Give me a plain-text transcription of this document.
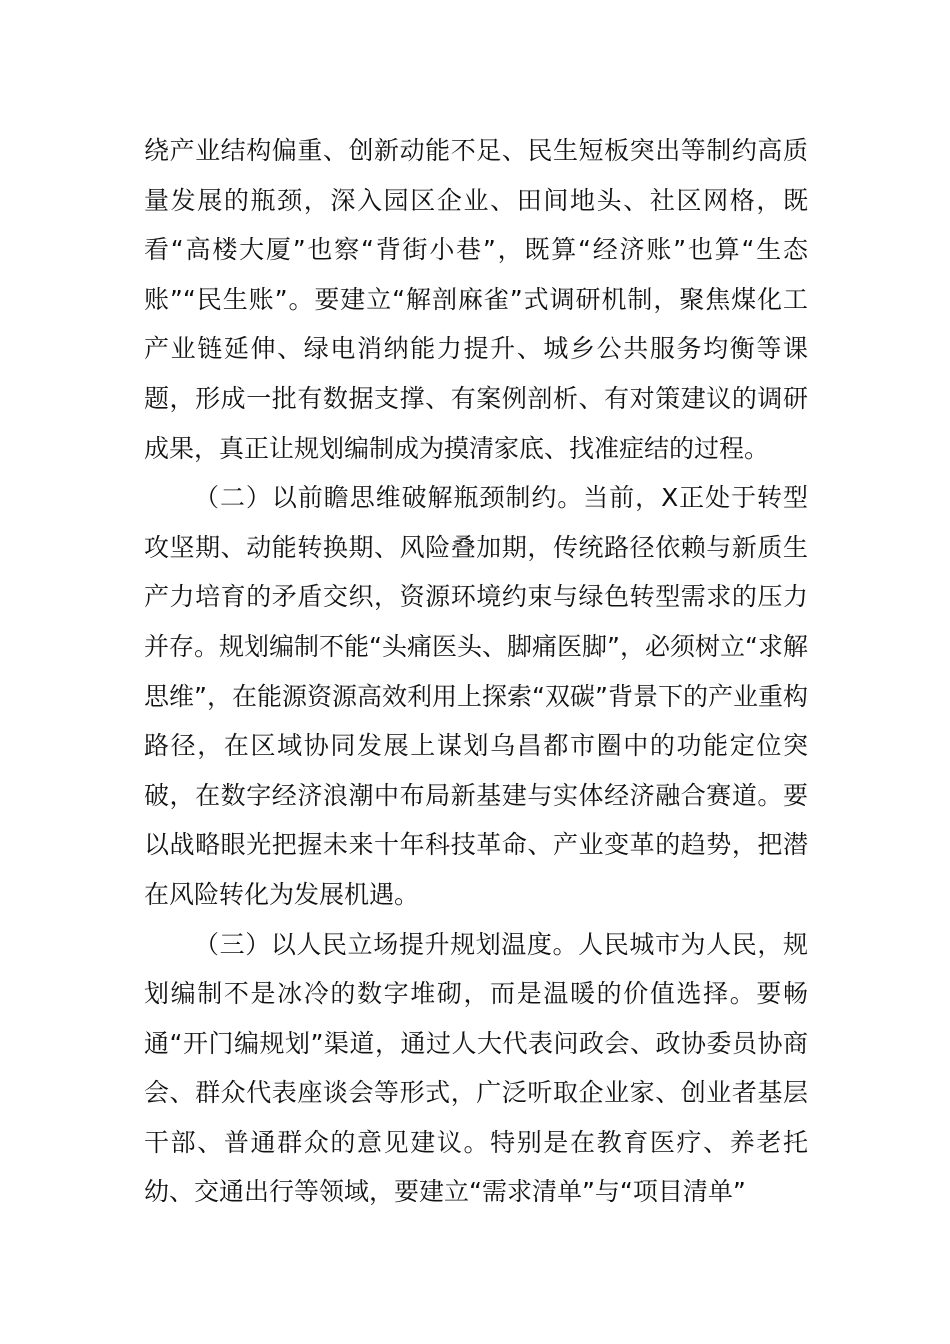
绕产业结构偏重、创新动能不足、民生短板突出等制约高质量发展的瓶颈，深入园区企业、田间地头、社区网格，既看“高楼大厦”也察“背街小巷”，既算“经济账”也算“生态账”“民生账”。要建立“解剖麻雀”式调研机制，聚焦煤化工产业链延伸、绿电消纳能力提升、城乡公共服务均衡等课题，形成一批有数据支撑、有案例剖析、有对策建议的调研成果，真正让规划编制成为摸清家底、找准症结的过程。

（二）以前瞻思维破解瓶颈制约。当前，X正处于转型攻坚期、动能转换期、风险叠加期，传统路径依赖与新质生产力培育的矛盾交织，资源环境约束与绿色转型需求的压力并存。规划编制不能“头痛医头、脚痛医脚”，必须树立“求解思维”，在能源资源高效利用上探索“双碳”背景下的产业重构路径，在区域协同发展上谋划乌昌都市圈中的功能定位突破，在数字经济浪潮中布局新基建与实体经济融合赛道。要以战略眼光把握未来十年科技革命、产业变革的趋势，把潜在风险转化为发展机遇。

（三）以人民立场提升规划温度。人民城市为人民，规划编制不是冰冷的数字堆砌，而是温暖的价值选择。要畅通“开门编规划”渠道，通过人大代表问政会、政协委员协商会、群众代表座谈会等形式，广泛听取企业家、创业者基层干部、普通群众的意见建议。特别是在教育医疗、养老托幼、交通出行等领域，要建立“需求清单”与“项目清单”
